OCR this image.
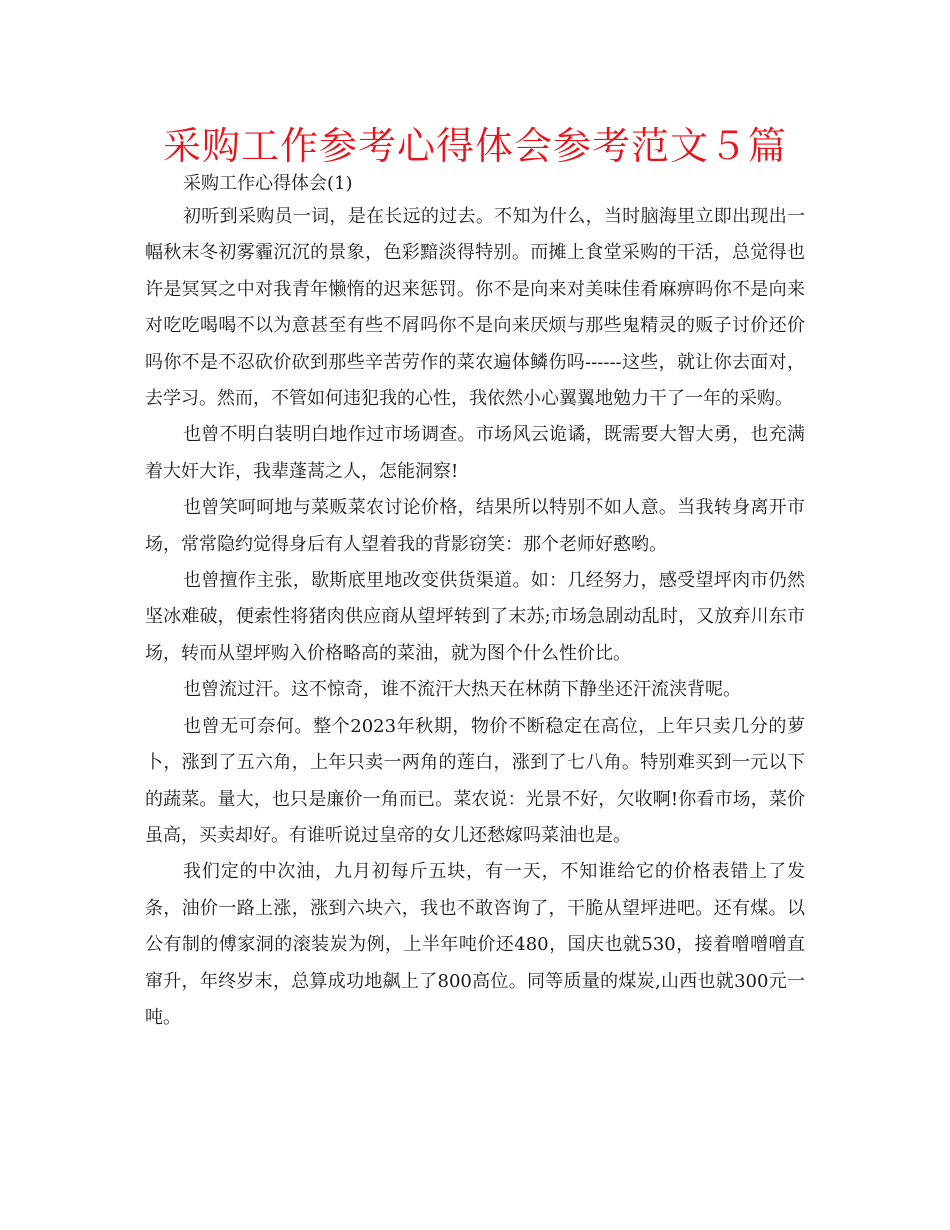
采购工作参考心得体会参考范文５篇

采购工作心得体会(1)

初听到采购员一词，是在长远的过去。不知为什么，当时脑海里立即出现出一幅秋末冬初雾霾沉沉的景象，色彩黯淡得特别。而摊上食堂采购的干活，总觉得也许是冥冥之中对我青年懒惰的迟来惩罚。你不是向来对美味佳肴麻痹吗你不是向来对吃吃喝喝不以为意甚至有些不屑吗你不是向来厌烦与那些鬼精灵的贩子讨价还价吗你不是不忍砍价砍到那些辛苦劳作的菜农遍体鳞伤吗------这些，就让你去面对，去学习。然而，不管如何违犯我的心性，我依然小心翼翼地勉力干了一年的采购。

也曾不明白装明白地作过市场调查。市场风云诡谲，既需要大智大勇，也充满着大奸大诈，我辈蓬蒿之人，怎能洞察!

也曾笑呵呵地与菜贩菜农讨论价格，结果所以特别不如人意。当我转身离开市场，常常隐约觉得身后有人望着我的背影窃笑：那个老师好憨哟。

也曾擅作主张，歇斯底里地改变供货渠道。如：几经努力，感受望坪肉市仍然坚冰难破，便索性将猪肉供应商从望坪转到了末苏;市场急剧动乱时，又放弃川东市场，转而从望坪购入价格略高的菜油，就为图个什么性价比。

也曾流过汗。这不惊奇，谁不流汗大热天在林荫下静坐还汗流浃背呢。

也曾无可奈何。整个2023年秋期，物价不断稳定在高位，上年只卖几分的萝卜，涨到了五六角，上年只卖一两角的莲白，涨到了七八角。特别难买到一元以下的蔬菜。量大，也只是廉价一角而已。菜农说：光景不好，欠收啊!你看市场，菜价虽高，买卖却好。有谁听说过皇帝的女儿还愁嫁吗菜油也是。

我们定的中次油，九月初每斤五块，有一天，不知谁给它的价格表错上了发条，油价一路上涨，涨到六块六，我也不敢咨询了，干脆从望坪进吧。还有煤。以公有制的傅家洞的滚装炭为例，上半年吨价还480，国庆也就530，接着噌噌噌直窜升，年终岁末，总算成功地飙上了800高位。同等质量的煤炭,山西也就300元一吨。
